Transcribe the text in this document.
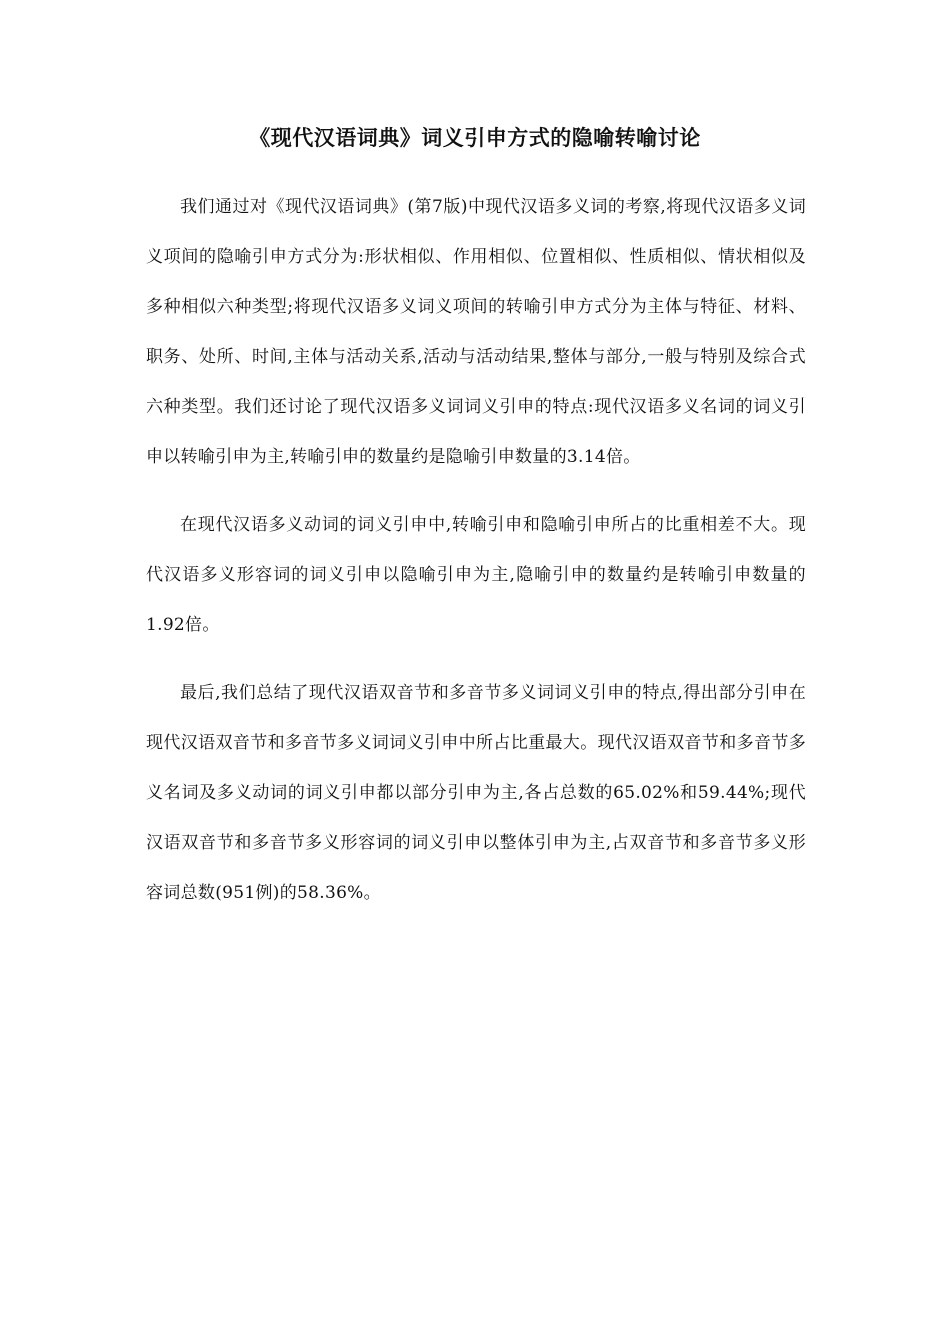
《现代汉语词典》词义引申方式的隐喻转喻讨论

我们通过对《现代汉语词典》(第7版)中现代汉语多义词的考察,将现代汉语多义词义项间的隐喻引申方式分为:形状相似、作用相似、位置相似、性质相似、情状相似及多种相似六种类型;将现代汉语多义词义项间的转喻引申方式分为主体与特征、材料、职务、处所、时间,主体与活动关系,活动与活动结果,整体与部分,一般与特别及综合式六种类型。我们还讨论了现代汉语多义词词义引申的特点:现代汉语多义名词的词义引申以转喻引申为主,转喻引申的数量约是隐喻引申数量的3.14倍。

在现代汉语多义动词的词义引申中,转喻引申和隐喻引申所占的比重相差不大。现代汉语多义形容词的词义引申以隐喻引申为主,隐喻引申的数量约是转喻引申数量的1.92倍。

最后,我们总结了现代汉语双音节和多音节多义词词义引申的特点,得出部分引申在现代汉语双音节和多音节多义词词义引申中所占比重最大。现代汉语双音节和多音节多义名词及多义动词的词义引申都以部分引申为主,各占总数的65.02%和59.44%;现代汉语双音节和多音节多义形容词的词义引申以整体引申为主,占双音节和多音节多义形容词总数(951例)的58.36%。
